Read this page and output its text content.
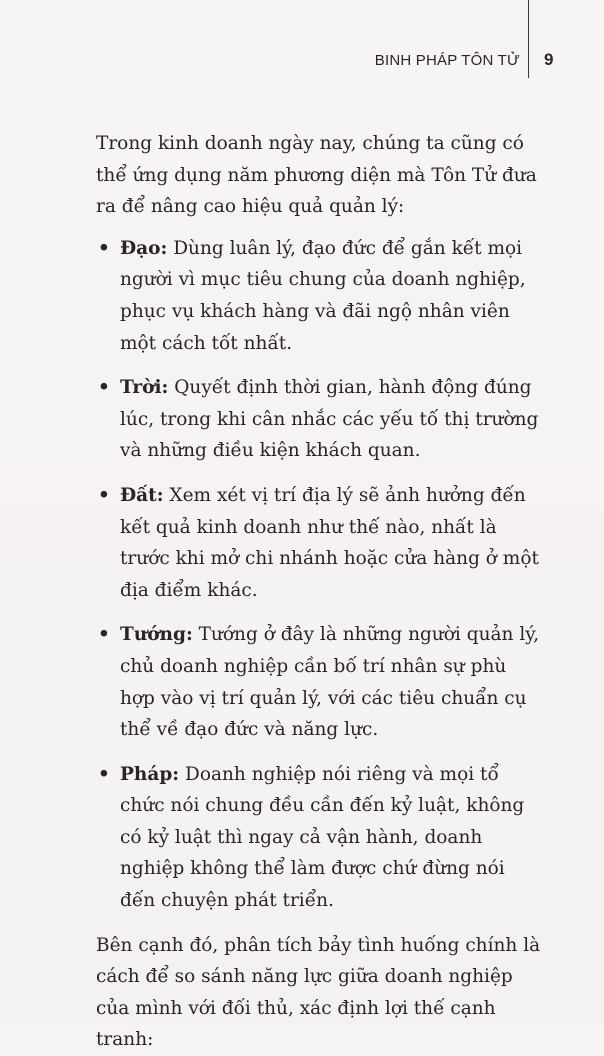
BINH PHÁP TÔN TỬ 9

Trong kinh doanh ngày nay, chúng ta cũng có thể ứng dụng năm phương diện mà Tôn Tử đưa ra để nâng cao hiệu quả quản lý:

• Đạo: Dùng luân lý, đạo đức để gắn kết mọi người vì mục tiêu chung của doanh nghiệp, phục vụ khách hàng và đãi ngộ nhân viên một cách tốt nhất.
• Trời: Quyết định thời gian, hành động đúng lúc, trong khi cân nhắc các yếu tố thị trường và những điều kiện khách quan.
• Đất: Xem xét vị trí địa lý sẽ ảnh hưởng đến kết quả kinh doanh như thế nào, nhất là trước khi mở chi nhánh hoặc cửa hàng ở một địa điểm khác.
• Tướng: Tướng ở đây là những người quản lý, chủ doanh nghiệp cần bố trí nhân sự phù hợp vào vị trí quản lý, với các tiêu chuẩn cụ thể về đạo đức và năng lực.
• Pháp: Doanh nghiệp nói riêng và mọi tổ chức nói chung đều cần đến kỷ luật, không có kỷ luật thì ngay cả vận hành, doanh nghiệp không thể làm được chứ đừng nói đến chuyện phát triển.

Bên cạnh đó, phân tích bảy tình huống chính là cách để so sánh năng lực giữa doanh nghiệp của mình với đối thủ, xác định lợi thế cạnh tranh:
